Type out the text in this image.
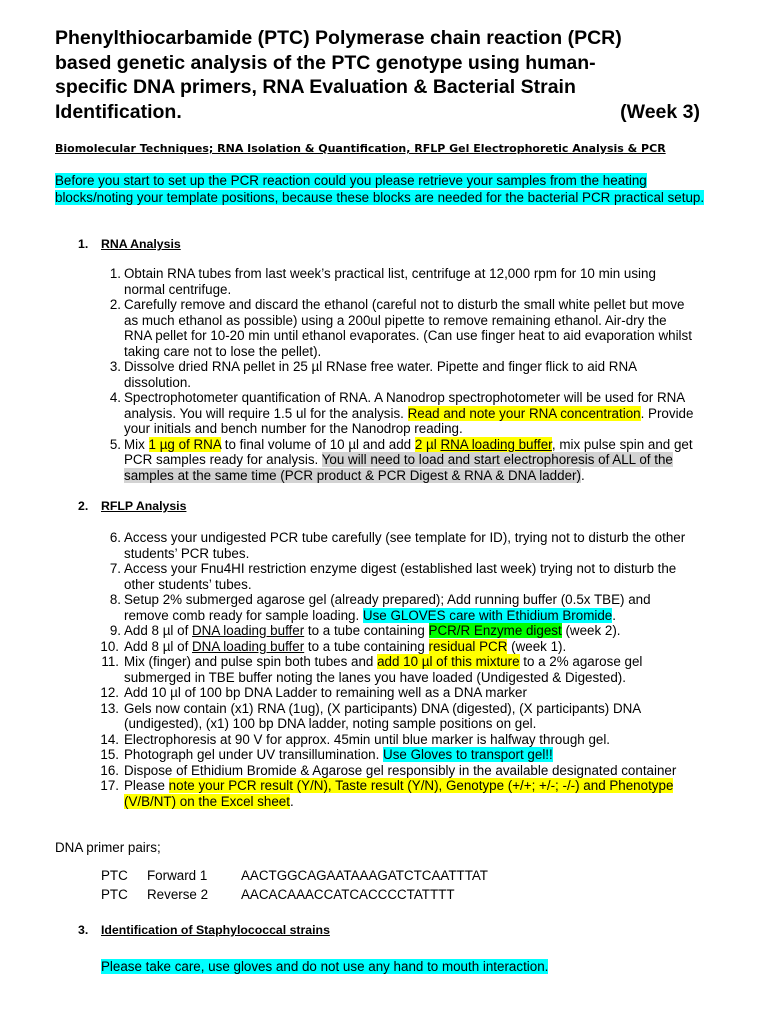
Phenylthiocarbamide (PTC) Polymerase chain reaction (PCR)
based genetic analysis of the PTC genotype using human-
specific DNA primers, RNA Evaluation & Bacterial Strain
Identification.	(Week 3)

Biomolecular Techniques; RNA Isolation & Quantification, RFLP Gel Electrophoretic Analysis & PCR

Before you start to set up the PCR reaction could you please retrieve your samples from the heating blocks/noting your template positions, because these blocks are needed for the bacterial PCR practical setup.

1.	RNA Analysis
1. Obtain RNA tubes from last week’s practical list, centrifuge at 12,000 rpm for 10 min using normal centrifuge.
2. Carefully remove and discard the ethanol (careful not to disturb the small white pellet but move as much ethanol as possible) using a 200ul pipette to remove remaining ethanol. Air-dry the RNA pellet for 10-20 min until ethanol evaporates. (Can use finger heat to aid evaporation whilst taking care not to lose the pellet).
3. Dissolve dried RNA pellet in 25 µl RNase free water. Pipette and finger flick to aid RNA dissolution.
4. Spectrophotometer quantification of RNA. A Nanodrop spectrophotometer will be used for RNA analysis. You will require 1.5 ul for the analysis. Read and note your RNA concentration. Provide your initials and bench number for the Nanodrop reading.
5. Mix 1 µg of RNA to final volume of 10 µl and add 2 µl RNA loading buffer, mix pulse spin and get PCR samples ready for analysis. You will need to load and start electrophoresis of ALL of the samples at the same time (PCR product & PCR Digest & RNA & DNA ladder).
2.	RFLP Analysis
6. Access your undigested PCR tube carefully (see template for ID), trying not to disturb the other students’ PCR tubes.
7. Access your Fnu4HI restriction enzyme digest (established last week) trying not to disturb the other students’ tubes.
8. Setup 2% submerged agarose gel (already prepared); Add running buffer (0.5x TBE) and remove comb ready for sample loading. Use GLOVES care with Ethidium Bromide.
9. Add 8 µl of DNA loading buffer to a tube containing PCR/R Enzyme digest (week 2).
10. Add 8 µl of DNA loading buffer to a tube containing residual PCR (week 1).
11. Mix (finger) and pulse spin both tubes and add 10 µl of this mixture to a 2% agarose gel submerged in TBE buffer noting the lanes you have loaded (Undigested & Digested).
12. Add 10 µl of 100 bp DNA Ladder to remaining well as a DNA marker
13. Gels now contain (x1) RNA (1ug), (X participants) DNA (digested), (X participants) DNA (undigested), (x1) 100 bp DNA ladder, noting sample positions on gel.
14. Electrophoresis at 90 V for approx. 45min until blue marker is halfway through gel.
15. Photograph gel under UV transillumination. Use Gloves to transport gel!!
16. Dispose of Ethidium Bromide & Agarose gel responsibly in the available designated container
17. Please note your PCR result (Y/N), Taste result (Y/N), Genotype (+/+; +/-; -/-) and Phenotype (V/B/NT) on the Excel sheet.

DNA primer pairs;

PTC Forward 1	AACTGGCAGAATAAAGATCTCAATTTAT
PTC Reverse 2 AACACAAACCATCACCCCTATTTT
3.	Identification of Staphylococcal strains

Please take care, use gloves and do not use any hand to mouth interaction.
